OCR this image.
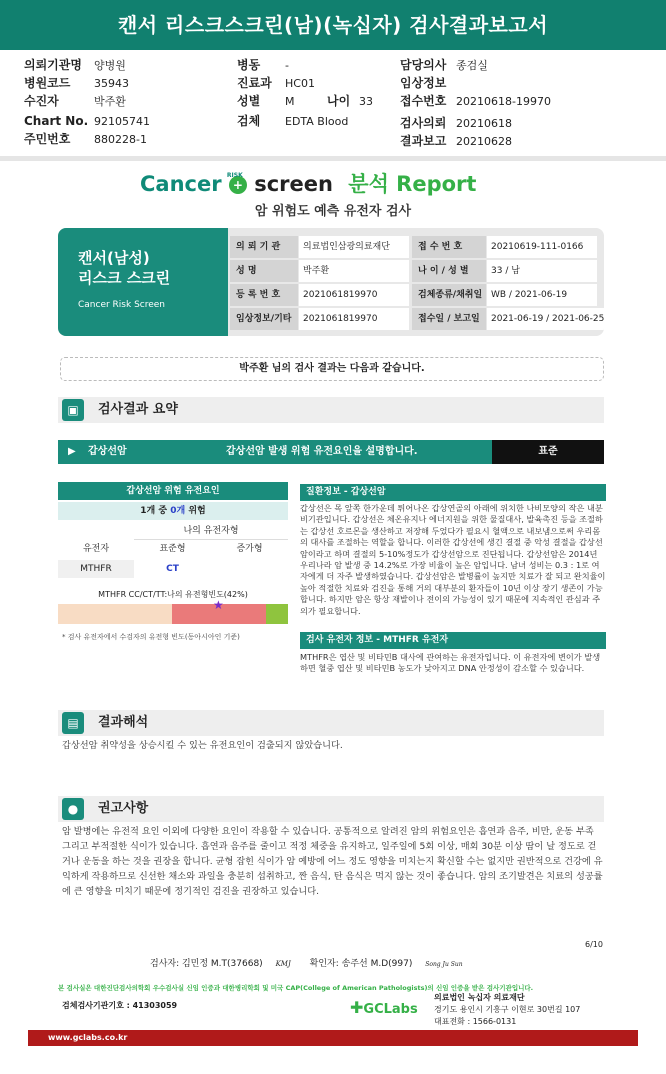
캔서 리스크스크린(남)(녹십자) 검사결과보고서
의뢰기관명 양병원
병원코드 35943
수진자	박주환
Chart No. 92105741
주민번호 880228-1
병동 -
진료과 HC01
성별 M	나이 33
검체 EDTA Blood
담당의사 종검실
임상정보
접수번호 20210618-19970
검사의뢰 20210618
결과보고 20210628
Cancer +
RISK screen 분석 Report
암 위험도 예측 유전자 검사
캔서(남성)
리스크 스크린
Cancer Risk Screen
의 뢰 기 관	의료법인삼광의료재단	접 수 번 호	20210619-111-0166
성 명	박주환	나 이 / 성 별	33 / 남
등 록 번 호	2021061819970	검체종류/채취일 WB / 2021-06-19
임상정보/기타	2021061819970	접수일 / 보고일	2021-06-19 / 2021-06-25
박주환 님의 검사 결과는 다음과 같습니다.
▣	검사결과 요약
▶ 갑상선암	갑상선암 발생 위험 유전요인을 설명합니다.	표준
갑상선암 위험 유전요인
1개 중 0개 위험
나의 유전자형
유전자	표준형	증가형
MTHFR	CT
MTHFR CC/CT/TT:나의 유전형빈도(42%)
★
* 검사 유전자에서 수검자의 유전형 빈도(동아시아인 기준)
질환정보 - 갑상선암
갑상선은 목 앞쪽 한가운데 튀어나온 갑상연골의 아래에 위치한 나비모양의 작은 내분비기관입니다. 갑상선은 체온유지나 에너지원을 위한 물질대사, 발육촉진 등을 조절하는 갑상선 호르몬을 생산하고 저장해 두었다가 필요시 혈액으로 내보냄으로써 우리몸의 대사를 조절하는 역할을 합니다. 이러한 갑상선에 생긴 결절 중 악성 결절을 갑상선암이라고 하며 결절의 5-10%정도가 갑상선암으로 진단됩니다. 갑상선암은 2014년 우리나라 암 발생 중 14.2%로 가장 비율이 높은 암입니다. 남녀 성비는 0.3 : 1로 여자에게 더 자주 발생하였습니다. 갑상선암은 발병률이 높지만 치료가 잘 되고 완치율이 높아 적절한 치료와 검진을 통해 거의 대부분의 환자들이 10년 이상 장기 생존이 가능합니다. 하지만 암은 항상 재발이나 전이의 가능성이 있기 때문에 지속적인 관심과 주의가 필요합니다.
검사 유전자 정보 - MTHFR 유전자
MTHFR은 엽산 및 비타민B 대사에 관여하는 유전자입니다. 이 유전자에 변이가 발생하면 혈중 엽산 및 비타민B 농도가 낮아지고 DNA 안정성이 감소할 수 있습니다.
▤	결과해석
갑상선암 취약성을 상승시킬 수 있는 유전요인이 검출되지 않았습니다.
●	권고사항
암 발병에는 유전적 요인 이외에 다양한 요인이 작용할 수 있습니다. 공통적으로 알려진 암의 위험요인은 흡연과 음주, 비만, 운동 부족 그리고 부적절한 식이가 있습니다. 흡연과 음주를 줄이고 적정 체중을 유지하고, 일주일에 5회 이상, 매회 30분 이상 땀이 날 정도로 걷거나 운동을 하는 것을 권장을 합니다. 균형 잡힌 식이가 암 예방에 어느 정도 영향을 미치는지 확신할 수는 없지만 권반적으로 건강에 유익하게 작용하므로 신선한 채소와 과일을 충분히 섭취하고, 짠 음식, 탄 음식은 먹지 않는 것이 좋습니다. 암의 조기발견은 치료의 성공률에 큰 영향을 미치기 때문에 정기적인 검진을 권장하고 있습니다.
6/10
검사자: 김민정 M.T(37668) KMJ 확인자: 송주선 M.D(997) Song Ju Sun
본 검사실은 대한진단검사의학회 우수검사실 신임 인증과 대한병리학회 및 미국 CAP(College of American Pathologists)의 신임 인증을 받은 검사기관입니다.
검체검사기관기호 : 41303059	✚GCLabs
의료법인 녹십자 의료재단
경기도 용인시 기흥구 이현로 30번길 107
대표전화 : 1566-0131
www.gclabs.co.kr
